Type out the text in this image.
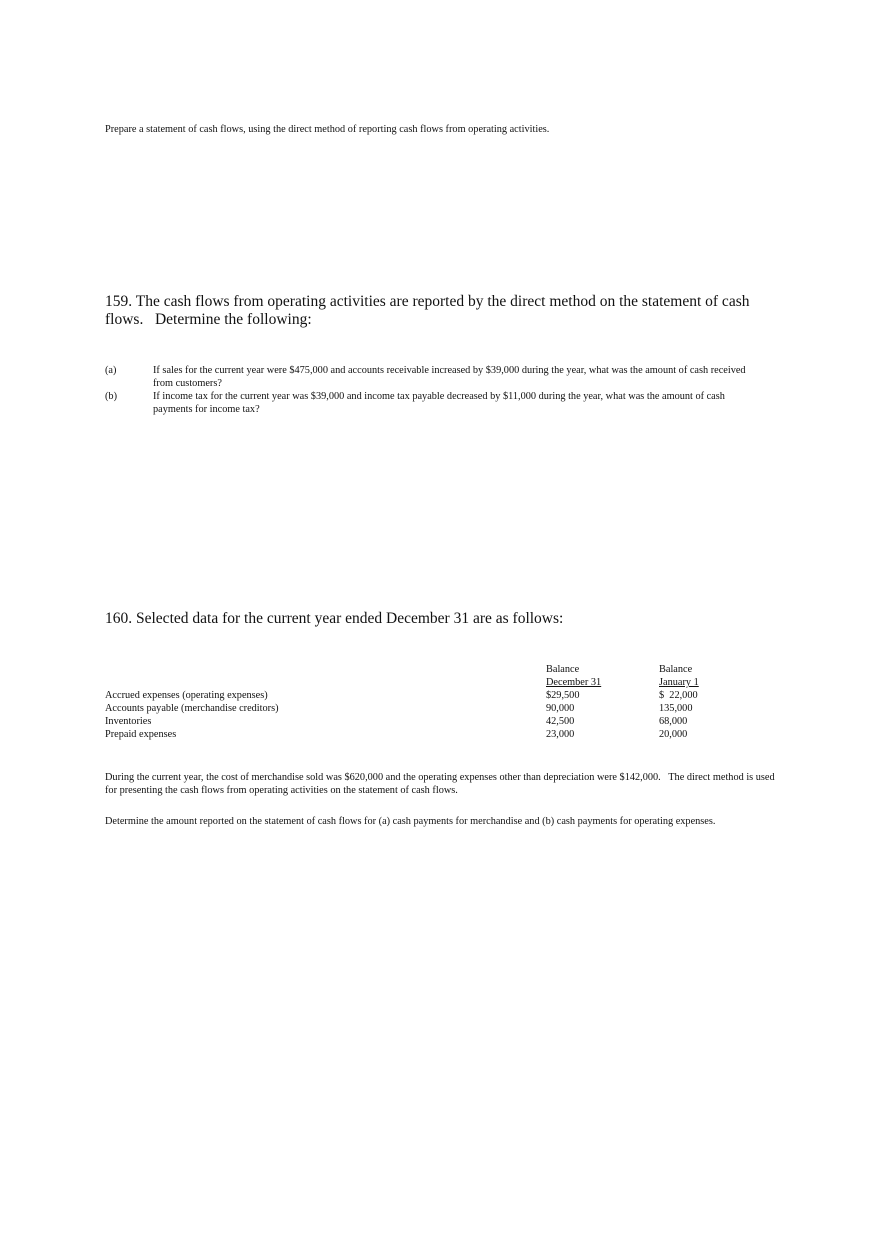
Prepare a statement of cash flows, using the direct method of reporting cash flows from operating activities.
159. The cash flows from operating activities are reported by the direct method on the statement of cash
flows.   Determine the following:
(a)	If sales for the current year were $475,000 and accounts receivable increased by $39,000 during the year, what was the amount of cash received from customers?
(b)	If income tax for the current year was $39,000 and income tax payable decreased by $11,000 during the year, what was the amount of cash payments for income tax?
160. Selected data for the current year ended December 31 are as follows:
Balance	Balance
December 31	January 1
Accrued expenses (operating expenses)	$29,500	$  22,000
Accounts payable (merchandise creditors)	90,000	135,000
Inventories	42,500	68,000
Prepaid expenses	23,000	20,000
During the current year, the cost of merchandise sold was $620,000 and the operating expenses other than depreciation were $142,000.   The direct method is used for presenting the cash flows from operating activities on the statement of cash flows.
Determine the amount reported on the statement of cash flows for (a) cash payments for merchandise and (b) cash payments for operating expenses.
